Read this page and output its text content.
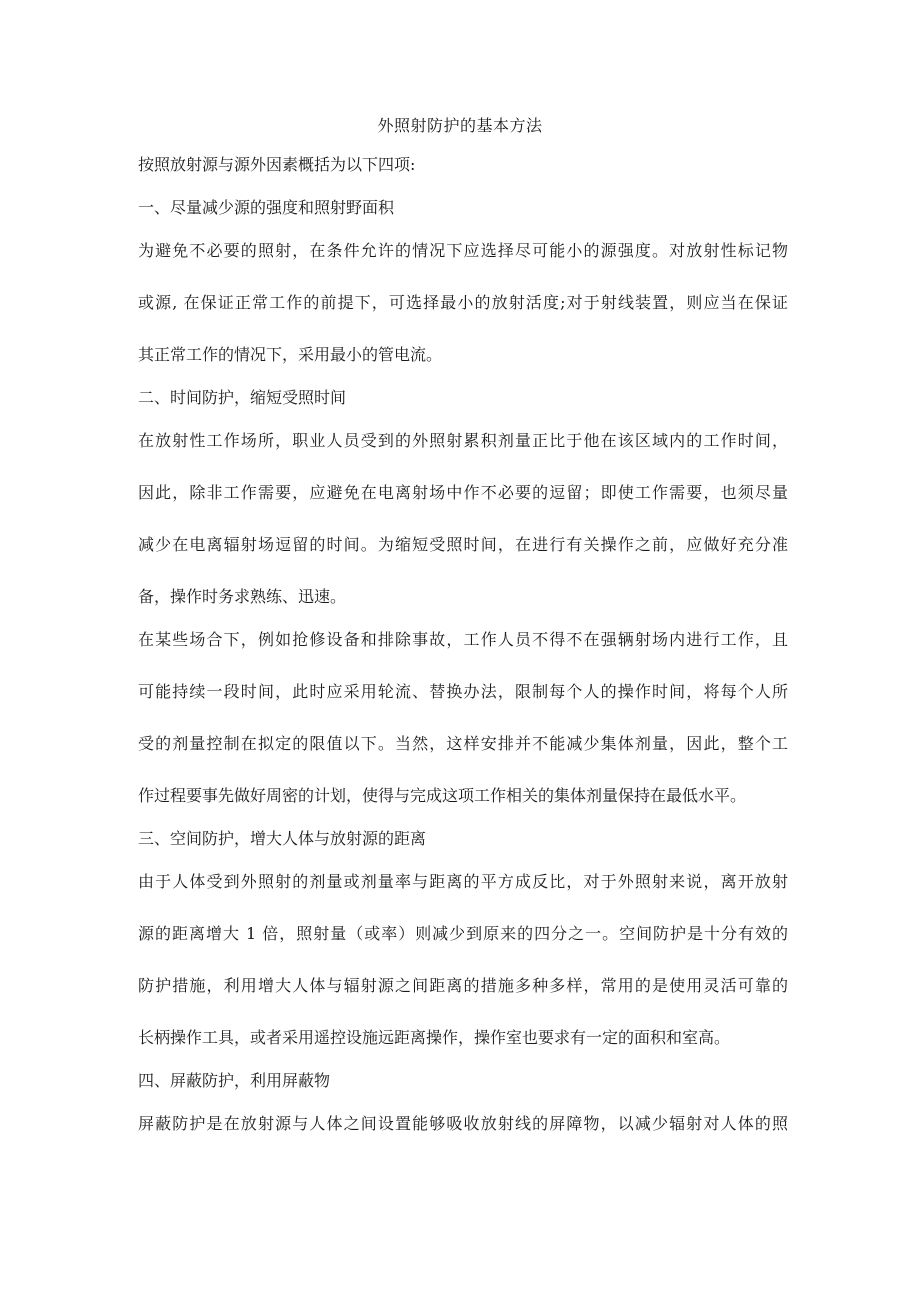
外照射防护的基本方法

按照放射源与源外因素概括为以下四项:

一、尽量减少源的强度和照射野面积

为避免不必要的照射，在条件允许的情况下应选择尽可能小的源强度。对放射性标记物
或源, 在保证正常工作的前提下，可选择最小的放射活度;对于射线装置，则应当在保证
其正常工作的情况下，采用最小的管电流。

二、时间防护，缩短受照时间

在放射性工作场所，职业人员受到的外照射累积剂量正比于他在该区域内的工作时间，
因此，除非工作需要，应避免在电离射场中作不必要的逗留；即使工作需要，也须尽量
减少在电离辐射场逗留的时间。为缩短受照时间，在进行有关操作之前，应做好充分准
备，操作时务求熟练、迅速。
在某些场合下，例如抢修设备和排除事故，工作人员不得不在强辆射场内进行工作，且
可能持续一段时间，此时应采用轮流、替换办法，限制每个人的操作时间，将每个人所
受的剂量控制在拟定的限值以下。当然，这样安排并不能减少集体剂量，因此，整个工
作过程要事先做好周密的计划，使得与完成这项工作相关的集体剂量保持在最低水平。

三、空间防护，增大人体与放射源的距离

由于人体受到外照射的剂量或剂量率与距离的平方成反比，对于外照射来说，离开放射
源的距离增大 1 倍，照射量（或率）则减少到原来的四分之一。空间防护是十分有效的
防护措施，利用增大人体与辐射源之间距离的措施多种多样，常用的是使用灵活可靠的
长柄操作工具，或者采用遥控设施远距离操作，操作室也要求有一定的面积和室高。

四、屏蔽防护，利用屏蔽物

屏蔽防护是在放射源与人体之间设置能够吸收放射线的屏障物，以减少辐射对人体的照
